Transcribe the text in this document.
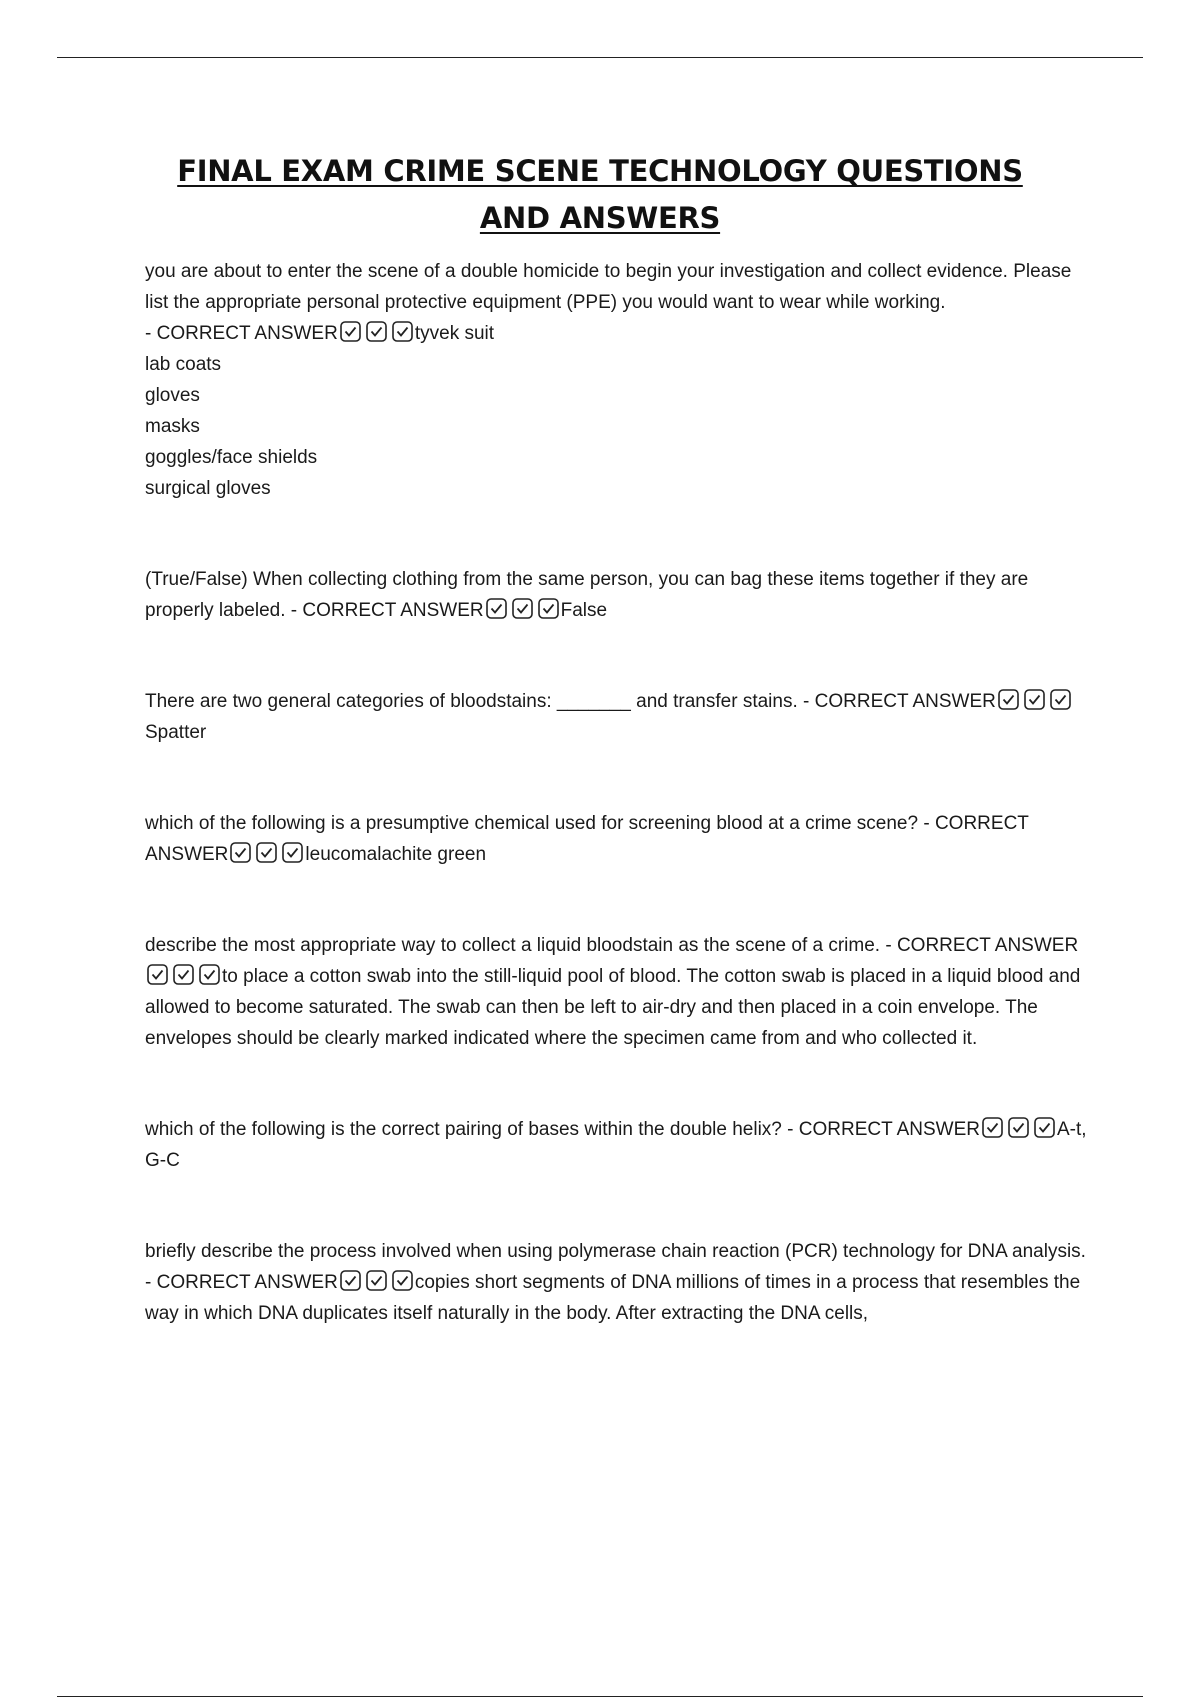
FINAL EXAM CRIME SCENE TECHNOLOGY QUESTIONS AND ANSWERS

you are about to enter the scene of a double homicide to begin your investigation and collect evidence. Please list the appropriate personal protective equipment (PPE) you would want to wear while working.
- CORRECT ANSWER	tyvek suit

lab coats

gloves

masks

goggles/face shields

surgical gloves

(True/False) When collecting clothing from the same person, you can bag these items together if they are properly labeled. - CORRECT ANSWER	False

There are two general categories of bloodstains: _______ and transfer stains. - CORRECT ANSWER
Spatter

which of the following is a presumptive chemical used for screening blood at a crime scene? - CORRECT ANSWER	leucomalachite green

describe the most appropriate way to collect a liquid bloodstain as the scene of a crime. - CORRECT ANSWER
to place a cotton swab into the still-liquid pool of blood. The cotton swab is placed in a liquid blood and allowed to become saturated. The swab can then be left to air-dry and then placed in a coin envelope. The envelopes should be clearly marked indicated where the specimen came from and who collected it.

which of the following is the correct pairing of bases within the double helix? - CORRECT ANSWER	A-t, G-C

briefly describe the process involved when using polymerase chain reaction (PCR) technology for DNA analysis. - CORRECT ANSWER	copies short segments of DNA millions of times in a process that resembles the way in which DNA duplicates itself naturally in the body. After extracting the DNA cells,
